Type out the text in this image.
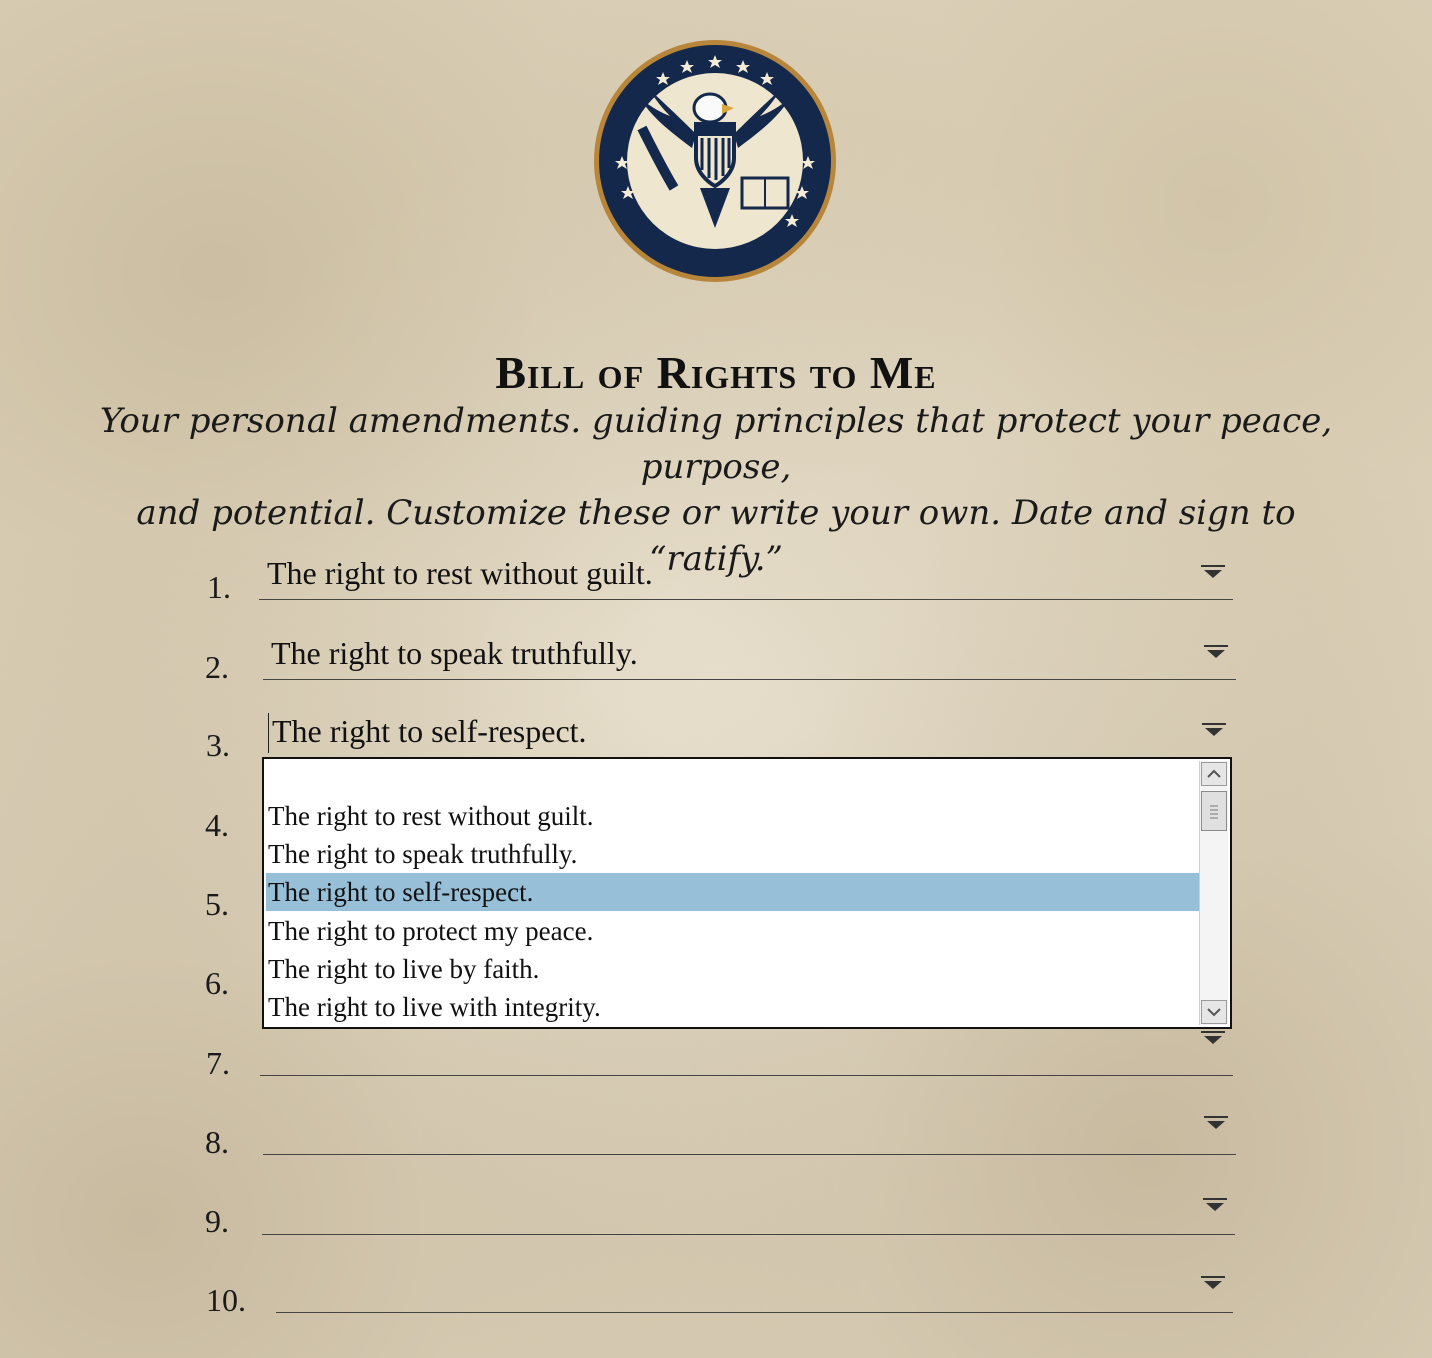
Bill of Rights to Me
Your personal amendments. guiding principles that protect your peace, purpose,
and potential. Customize these or write your own. Date and sign to “ratify.”
1. The right to rest without guilt.
2. The right to speak truthfully.
3. The right to self-respect.
4.
5.
6.
7.
8.
9.
10.
The right to rest without guilt.
The right to speak truthfully.
The right to self-respect.
The right to protect my peace.
The right to live by faith.
The right to live with integrity.
